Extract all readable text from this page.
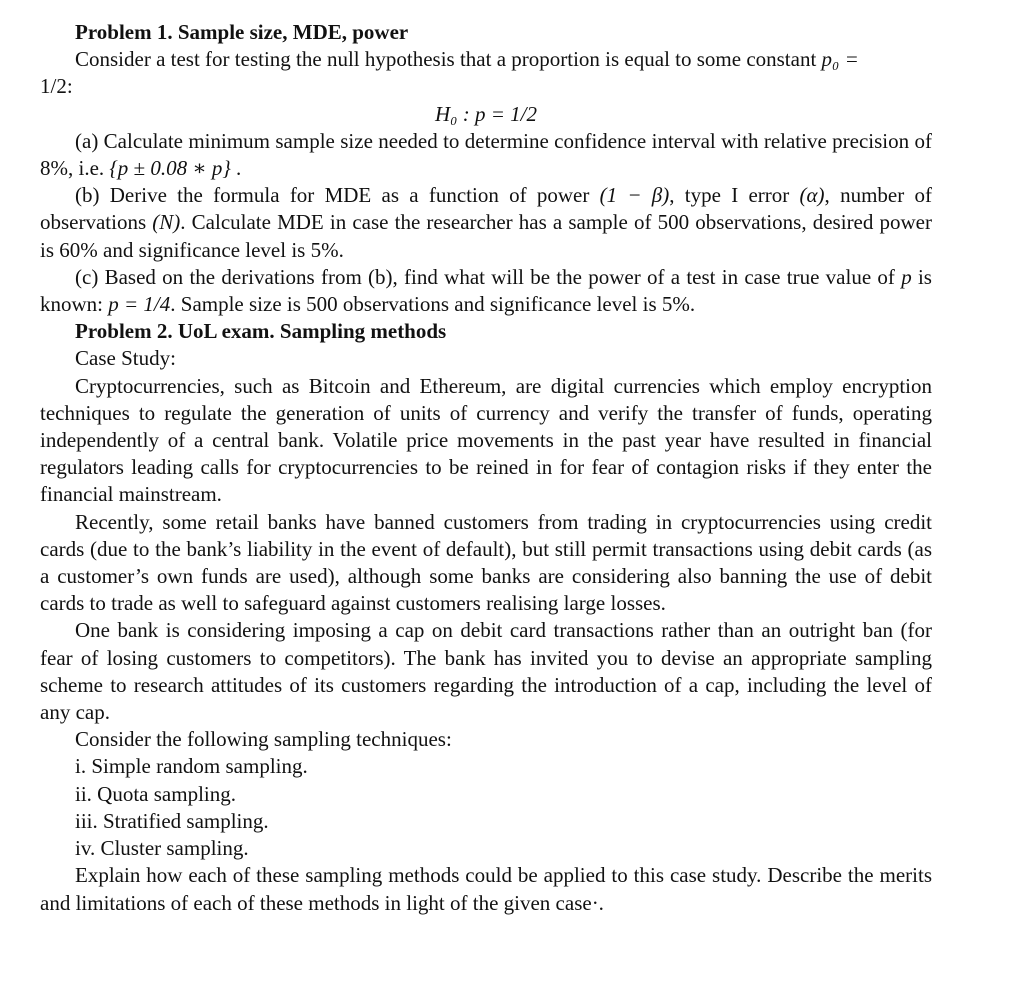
Problem 1. Sample size, MDE, power

Consider a test for testing the null hypothesis that a proportion is equal to some constant p₀ =
1/2:

H₀ : p = 1/2

(a) Calculate minimum sample size needed to determine confidence interval with relative precision of 8%, i.e. {p ± 0.08 ∗ p} .

(b) Derive the formula for MDE as a function of power (1 − β), type I error (α), number of observations (N). Calculate MDE in case the researcher has a sample of 500 observations, desired power is 60% and significance level is 5%.

(c) Based on the derivations from (b), find what will be the power of a test in case true value of p is known: p = 1/4. Sample size is 500 observations and significance level is 5%.

Problem 2. UoL exam. Sampling methods

Case Study:

Cryptocurrencies, such as Bitcoin and Ethereum, are digital currencies which employ encryption techniques to regulate the generation of units of currency and verify the transfer of funds, operating independently of a central bank. Volatile price movements in the past year have resulted in financial regulators leading calls for cryptocurrencies to be reined in for fear of contagion risks if they enter the financial mainstream.

Recently, some retail banks have banned customers from trading in cryptocurrencies using credit cards (due to the bank’s liability in the event of default), but still permit transactions using debit cards (as a customer’s own funds are used), although some banks are considering also banning the use of debit cards to trade as well to safeguard against customers realising large losses.

One bank is considering imposing a cap on debit card transactions rather than an outright ban (for fear of losing customers to competitors). The bank has invited you to devise an appropriate sampling scheme to research attitudes of its customers regarding the introduction of a cap, including the level of any cap.

Consider the following sampling techniques:

i. Simple random sampling.

ii. Quota sampling.

iii. Stratified sampling.

iv. Cluster sampling.

Explain how each of these sampling methods could be applied to this case study. Describe the merits and limitations of each of these methods in light of the given case·.
